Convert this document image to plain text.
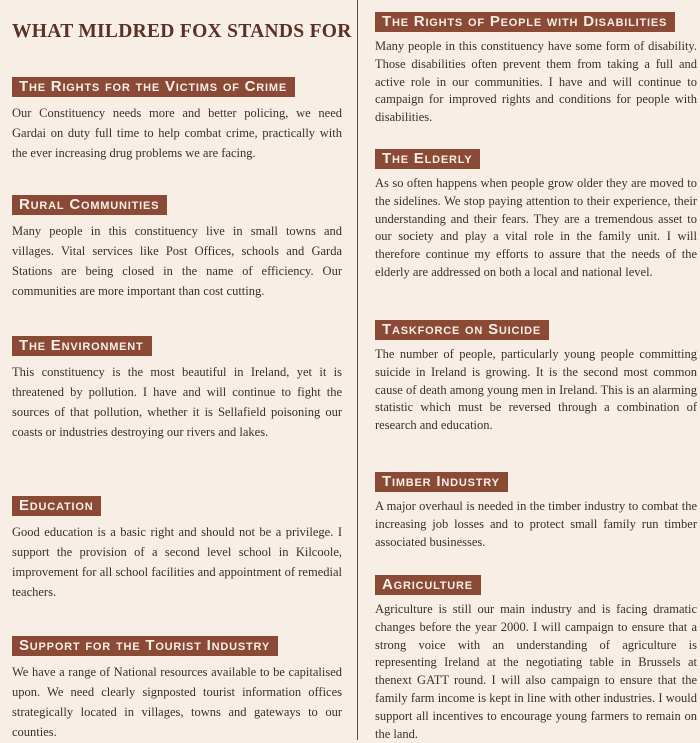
WHAT MILDRED FOX STANDS FOR
The Rights for the Victims of Crime
Our Constituency needs more and better policing, we need Gardai on duty full time to help combat crime, practically with the ever increasing drug problems we are facing.
Rural Communities
Many people in this constituency live in small towns and villages. Vital services like Post Offices, schools and Garda Stations are being closed in the name of efficiency. Our communities are more important than cost cutting.
The Environment
This constituency is the most beautiful in Ireland, yet it is threatened by pollution. I have and will continue to fight the sources of that pollution, whether it is Sellafield poisoning our coasts or industries destroying our rivers and lakes.
Education
Good education is a basic right and should not be a privilege. I support the provision of a second level school in Kilcoole, improvement for all school facilities and appointment of remedial teachers.
Support for the Tourist Industry
We have a range of National resources available to be capitalised upon. We need clearly signposted tourist information offices strategically located in villages, towns and gateways to our counties.
The Rights of People with Disabilities
Many people in this constituency have some form of disability. Those disabilities often prevent them from taking a full and active role in our communities. I have and will continue to campaign for improved rights and conditions for people with disabilities.
The Elderly
As so often happens when people grow older they are moved to the sidelines. We stop paying attention to their experience, their understanding and their fears. They are a tremendous asset to our society and play a vital role in the family unit. I will therefore continue my efforts to assure that the needs of the elderly are addressed on both a local and national level.
Taskforce on Suicide
The number of people, particularly young people committing suicide in Ireland is growing. It is the second most common cause of death among young men in Ireland. This is an alarming statistic which must be reversed through a combination of research and education.
Timber Industry
A major overhaul is needed in the timber industry to combat the increasing job losses and to protect small family run timber associated businesses.
Agriculture
Agriculture is still our main industry and is facing dramatic changes before the year 2000. I will campaign to ensure that a strong voice with an understanding of agriculture is representing Ireland at the negotiating table in Brussels at thenext GATT round. I will also campaign to ensure that the family farm income is kept in line with other industries. I would support all incentives to encourage young farmers to remain on the land.
